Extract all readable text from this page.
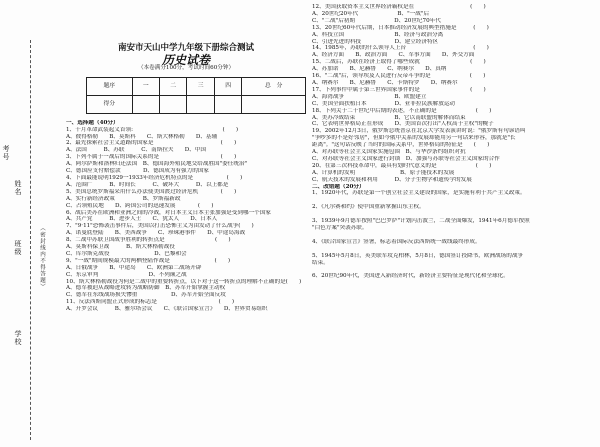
考号
姓名
班级	（密封线内不得答题）
学校
南安市天山中学九年级下册综合测试
历史试卷
（本卷满分100分，考试时间60分钟）
题序	一	二	三	四	总　分
得分					
一、选择题（40分）
1、十月革命武装起义首领:　　　　　　　　　　　　　　　　(　　)
A、彼得格勒　　B、莫斯科　　C、斯大林格勒　　D、基辅
2、最先探索社会主义道路的国家是　　　　　　　　　　　　(　　)
A、法国　　　B、苏联　　　C、南斯拉夫　　D、中国
3、下列不属于一战后的国际关系的是　　　　　　　　　　　(　　)
A、阿尔萨斯和洛林归还法国　B、德国海外殖民地交给战胜国"委任统治"
C、德国应支付赔偿款　　　　D、德国成为有强力的国家
4、下面最能说明1929一1933年经济危机特点的是　　　　　　(　　)
A、范围广　　　B、时间长　　　C、破坏大　　　D、以上都是
5、美国总统罗斯福采用什么办法使美国渡过经济危机　　　　(　　)
A、实行新经济政策　　　　　B、罗斯福新政
C、占领殖民地　　D、跨国公司的迅速发展　　　　(　　)
6、战后美苏在欧洲和亚洲之间的冷战，对日本主义日本主张加强是受到哪一个国家
A、共产党　　　B、进步人士　　C、犹太人　　D、日本人
7、"9·11"恐怖袭击事件后，美国以打击恐怖主义为由发动了什么战争(　　)
A、诺曼底登陆　　B、美西战争　　C、珍珠港事件　　D、中途岛海战
8、二战中苏联卫国战争胜利的转折点是　　　　　　　　　(　　)
A、莫斯科保卫战　　　B、斯大林格勒战役
C、库尔斯克战役　　　　　　　　D、巴黎和会
9、"一战"期间规模最大的两栖登陆作战是　　　　　　　　(　　)
A、日俄战争　　B、中途岛　　C、欧洲第二战场开辟
C、东京审判　　　　　　　　　D、不列颠之战
10、斯大林格勒战役为何是二战中的重要转折点，以下对于这一转折点的理解不正确的是(　　)
A、德军被迫从战略进攻转为战略防御　B、苏军开始掌握主动权
C、德军在东线战场损失惨重　　　　　　D、苏军开始全面反攻
11、反法西斯同盟正式形成的标志是　　　　　　　　　　　(　　)
A、开罗会议　　　B、雅尔塔会议　　C、《联合国家宣言》　　D、世界贸易组织
12、美国获取资本主义世界经济霸权是在　　　　　　　　　　(　　)
A、20世纪20年代　　　　　　　B、"一战"后
C、"二战"后初期　　　　　　　D、20世纪70年代
13、20世纪60年代后期，日本推动经济发展的典型措施是　　　(　　)
A、科技立国　　　　　　　　　B、经济与政治分离
C、引进先进的科技　　　　　　D、建立经济特区
14、1985年，苏联的什么领导人上台　　　　　　　　　　　　(　　)
A、经济方面　　B、政治方面　　C、军事方面　　D、外交方面
15、二战后，苏联在经济上取得了哪些成就　　　　　　　　　(　　)
A、苏加诺　　B、尼赫鲁　　C、纳赛尔　　D、真纳
16、"二战"后，领导埃及人民进行反帝斗争的是　　　　　　　(　　)
A、纳赛尔　　B、尼赫鲁　　C、卡斯特罗　　D、纳赛尔
17、下列事件中属于第三世界国家事件的是　　　　　　　　　(　　)
A、海湾战争　　　　　　　　　B、欧盟建立
C、美国全面扶植日本　　　　　D、亚非拉民族解放运动
18、下列关于二十世纪中后期的表述，不正确的是　　　　　　　(　　)
A、美苏冷战结束　　　　　　　B、它以南联盟的解体而结束
C、它表明世界格局正在形成　　D、美国首次打出"人权高于主权"的幌子
19、2002年12月3日，俄罗斯总统普京在北京大学发表演讲时说："俄罗斯有句谚语叫
"争吵多的不是好邻居"，但如今俄中关系的发展却能用另一句话来形容，那就是"长
距离"。"这句话反映了当时的国际关系中，世界格局的特征是　　(　　)
A、对苏联等社会主义国家实施包围　B、与华沙条约组织对抗
C、对苏联等社会主义国家进行封锁　D、加强与苏联等社会主义国家的合作
20、在第三次科技革命中，最具有划时代意义的是　　　　　　　(　　)
A、计算机的发明　　　　　　　　B、原子能技术的发展
C、航天技术的发展和利用　　　D、分子生物学和遗传学的发展
二、改错题（20分）
1、1920年代，苏联是第一个创立社会主义建设的国家，是实施有利于共产主义政策。

2、《凡尔赛和约》使中国重新掌握山东主权。

3、1939年9月德军按照"巴巴罗萨"计划闪击波兰，二战全面爆发，1941年6月德军按照
"白色方案"突袭苏联。

4、《联合国家宣言》签署，标志着国际反法西斯统一战线最终形成。

5、1945年5月8日，英美联军攻克柏林，5月8日，德国签订投降书，欧洲战场的战争
结束。

6、20世纪90年代，美国进入新经济时代，新经济主要特征是现代化和全球化。
